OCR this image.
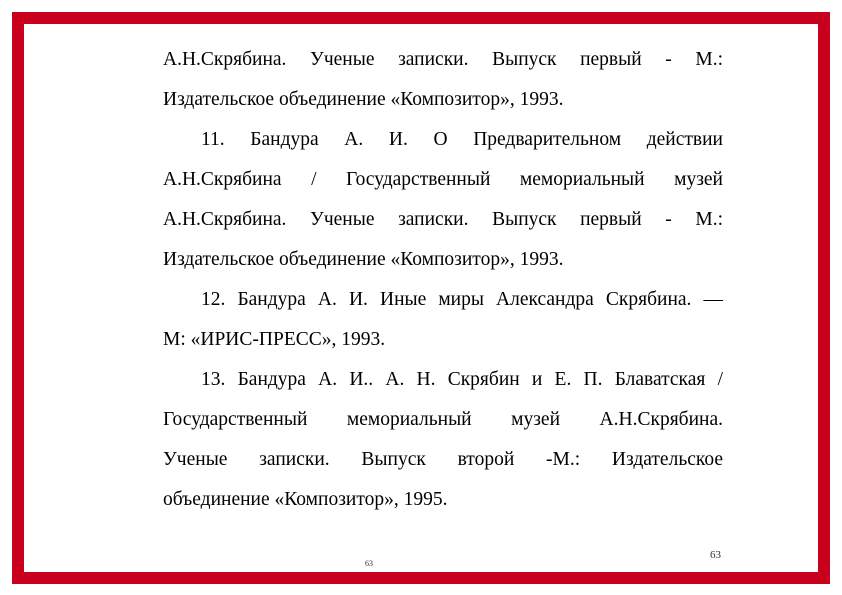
А.Н.Скрябина. Ученые записки. Выпуск первый - М.:
Издательское объединение «Композитор», 1993.
11. Бандура А. И. О Предварительном действии
А.Н.Скрябина / Государственный мемориальный музей
А.Н.Скрябина. Ученые записки. Выпуск первый - М.:
Издательское объединение «Композитор», 1993.
12. Бандура А. И. Иные миры Александра Скрябина. —
М: «ИРИС-ПРЕСС», 1993.
13. Бандура А. И.. А. Н. Скрябин и Е. П. Блаватская /
Государственный мемориальный музей А.Н.Скрябина.
Ученые записки. Выпуск второй -М.: Издательское
объединение «Композитор», 1995.
63
63
